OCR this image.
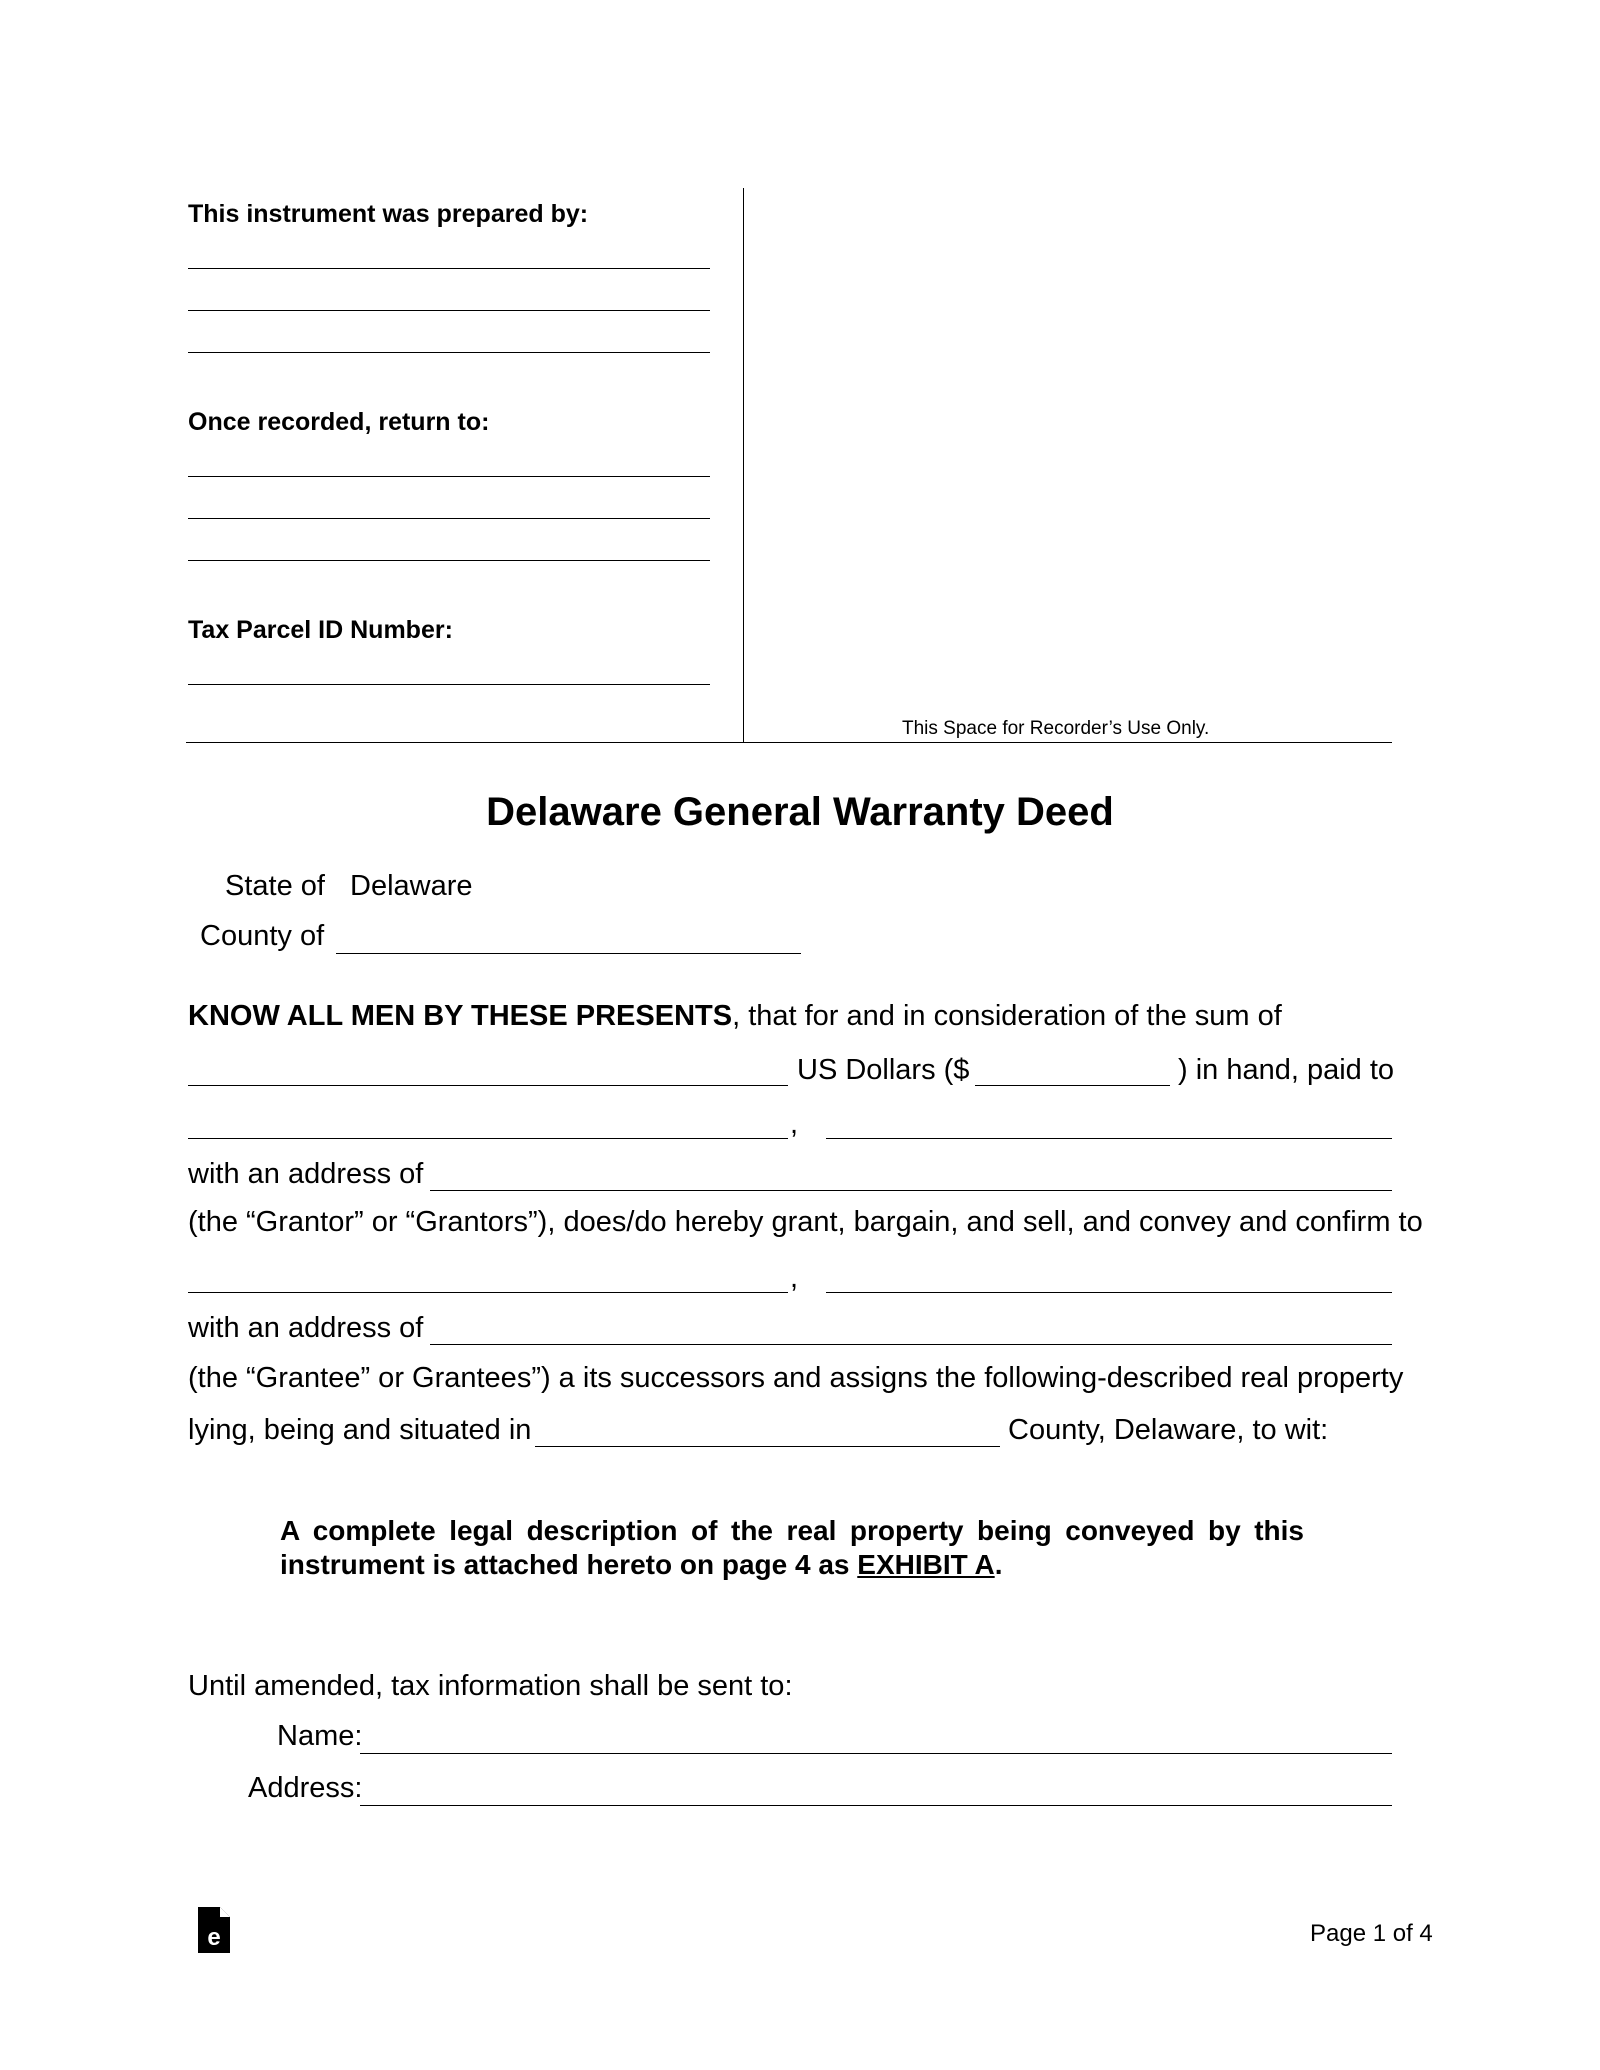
This instrument was prepared by:
Once recorded, return to:
Tax Parcel ID Number:
This Space for Recorder’s Use Only.
Delaware General Warranty Deed
State of Delaware
County of
KNOW ALL MEN BY THESE PRESENTS, that for and in consideration of the sum of
US Dollars ($	) in hand, paid to
,
with an address of
(the “Grantor” or “Grantors”), does/do hereby grant, bargain, and sell, and convey and confirm to
,
with an address of
(the “Grantee” or Grantees”) a its successors and assigns the following-described real property
lying, being and situated in	County, Delaware, to wit:
A complete legal description of the real property being conveyed by this
instrument is attached hereto on page 4 as EXHIBIT A.
Until amended, tax information shall be sent to:
Name:
Address:
e	Page 1 of 4
